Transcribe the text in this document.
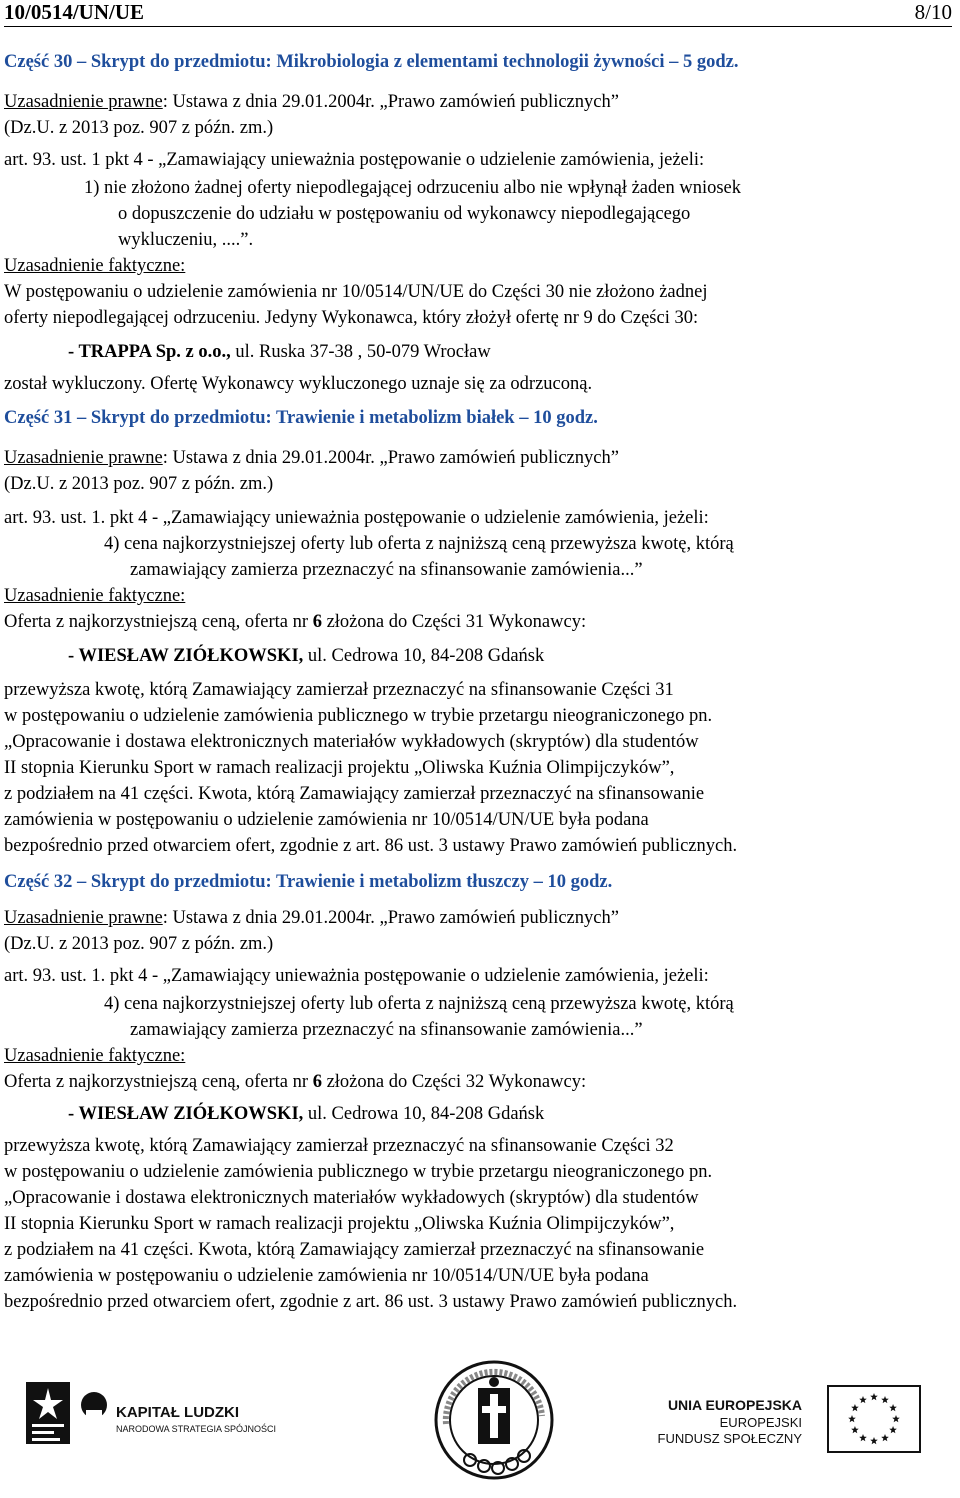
10/0514/UN/UE	8/10
Część 30 – Skrypt do przedmiotu: Mikrobiologia z elementami technologii żywności – 5 godz.
Uzasadnienie prawne: Ustawa z dnia 29.01.2004r. „Prawo zamówień publicznych”
(Dz.U. z 2013 poz. 907 z późn. zm.)
art. 93. ust. 1 pkt 4 - „Zamawiający unieważnia postępowanie o udzielenie zamówienia, jeżeli:
1) nie złożono żadnej oferty niepodlegającej odrzuceniu albo nie wpłynął żaden wniosek
o dopuszczenie do udziału w postępowaniu od wykonawcy niepodlegającego
wykluczeniu, ....”.
Uzasadnienie faktyczne:
W postępowaniu o udzielenie zamówienia nr 10/0514/UN/UE do Części 30 nie złożono żadnej
oferty niepodlegającej odrzuceniu. Jedyny Wykonawca, który złożył ofertę nr 9 do Części 30:
- TRAPPA Sp. z o.o., ul. Ruska 37-38 , 50-079 Wrocław
został wykluczony. Ofertę Wykonawcy wykluczonego uznaje się za odrzuconą.
Część 31 – Skrypt do przedmiotu: Trawienie i metabolizm białek – 10 godz.
Uzasadnienie prawne: Ustawa z dnia 29.01.2004r. „Prawo zamówień publicznych”
(Dz.U. z 2013 poz. 907 z późn. zm.)
art. 93. ust. 1. pkt 4 - „Zamawiający unieważnia postępowanie o udzielenie zamówienia, jeżeli:
4) cena najkorzystniejszej oferty lub oferta z najniższą ceną przewyższa kwotę, którą
zamawiający zamierza przeznaczyć na sfinansowanie zamówienia...”
Uzasadnienie faktyczne:
Oferta z najkorzystniejszą ceną, oferta nr 6 złożona do Części 31 Wykonawcy:
- WIESŁAW ZIÓŁKOWSKI, ul. Cedrowa 10, 84-208 Gdańsk
przewyższa kwotę, którą Zamawiający zamierzał przeznaczyć na sfinansowanie Części 31
w postępowaniu o udzielenie zamówienia publicznego w trybie przetargu nieograniczonego pn.
„Opracowanie i dostawa elektronicznych materiałów wykładowych (skryptów) dla studentów
II stopnia Kierunku Sport w ramach realizacji projektu „Oliwska Kuźnia Olimpijczyków”,
z podziałem na 41 części. Kwota, którą Zamawiający zamierzał przeznaczyć na sfinansowanie
zamówienia w postępowaniu o udzielenie zamówienia nr 10/0514/UN/UE była podana
bezpośrednio przed otwarciem ofert, zgodnie z art. 86 ust. 3 ustawy Prawo zamówień publicznych.
Część 32 – Skrypt do przedmiotu: Trawienie i metabolizm tłuszczy – 10 godz.
Uzasadnienie prawne: Ustawa z dnia 29.01.2004r. „Prawo zamówień publicznych”
(Dz.U. z 2013 poz. 907 z późn. zm.)
art. 93. ust. 1. pkt 4 - „Zamawiający unieważnia postępowanie o udzielenie zamówienia, jeżeli:
4) cena najkorzystniejszej oferty lub oferta z najniższą ceną przewyższa kwotę, którą
zamawiający zamierza przeznaczyć na sfinansowanie zamówienia...”
Uzasadnienie faktyczne:
Oferta z najkorzystniejszą ceną, oferta nr 6 złożona do Części 32 Wykonawcy:
- WIESŁAW ZIÓŁKOWSKI, ul. Cedrowa 10, 84-208 Gdańsk
przewyższa kwotę, którą Zamawiający zamierzał przeznaczyć na sfinansowanie Części 32
w postępowaniu o udzielenie zamówienia publicznego w trybie przetargu nieograniczonego pn.
„Opracowanie i dostawa elektronicznych materiałów wykładowych (skryptów) dla studentów
II stopnia Kierunku Sport w ramach realizacji projektu „Oliwska Kuźnia Olimpijczyków”,
z podziałem na 41 części. Kwota, którą Zamawiający zamierzał przeznaczyć na sfinansowanie
zamówienia w postępowaniu o udzielenie zamówienia nr 10/0514/UN/UE była podana
bezpośrednio przed otwarciem ofert, zgodnie z art. 86 ust. 3 ustawy Prawo zamówień publicznych.
KAPITAŁ LUDZKI
NARODOWA STRATEGIA SPÓJNOŚCI
UNIA EUROPEJSKA
EUROPEJSKI
FUNDUSZ SPOŁECZNY
